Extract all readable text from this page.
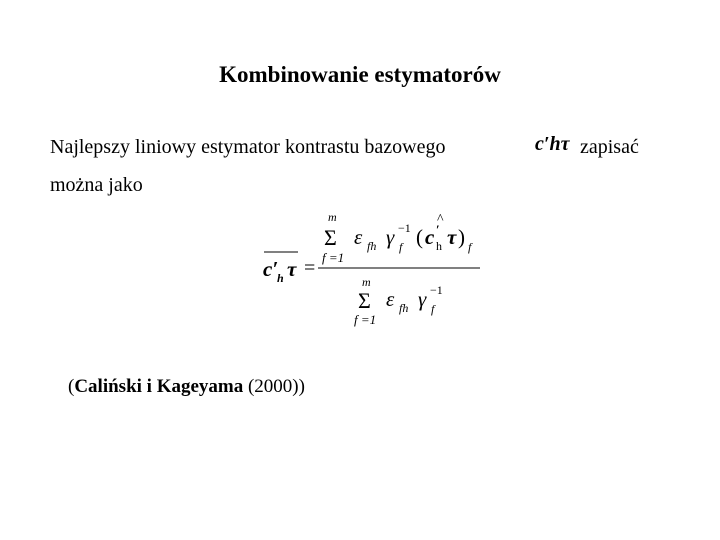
Kombinowanie estymatorów
Najlepszy liniowy estymator kontrastu bazowego	c′hτ zapisać
można jako
c′
h τ =
m
Σ
f =1
ε fh γ −1
f (
^
c ′
h τ ) f
m
Σ
f =1
ε fh γ −1
f
(Caliński i Kageyama (2000))
